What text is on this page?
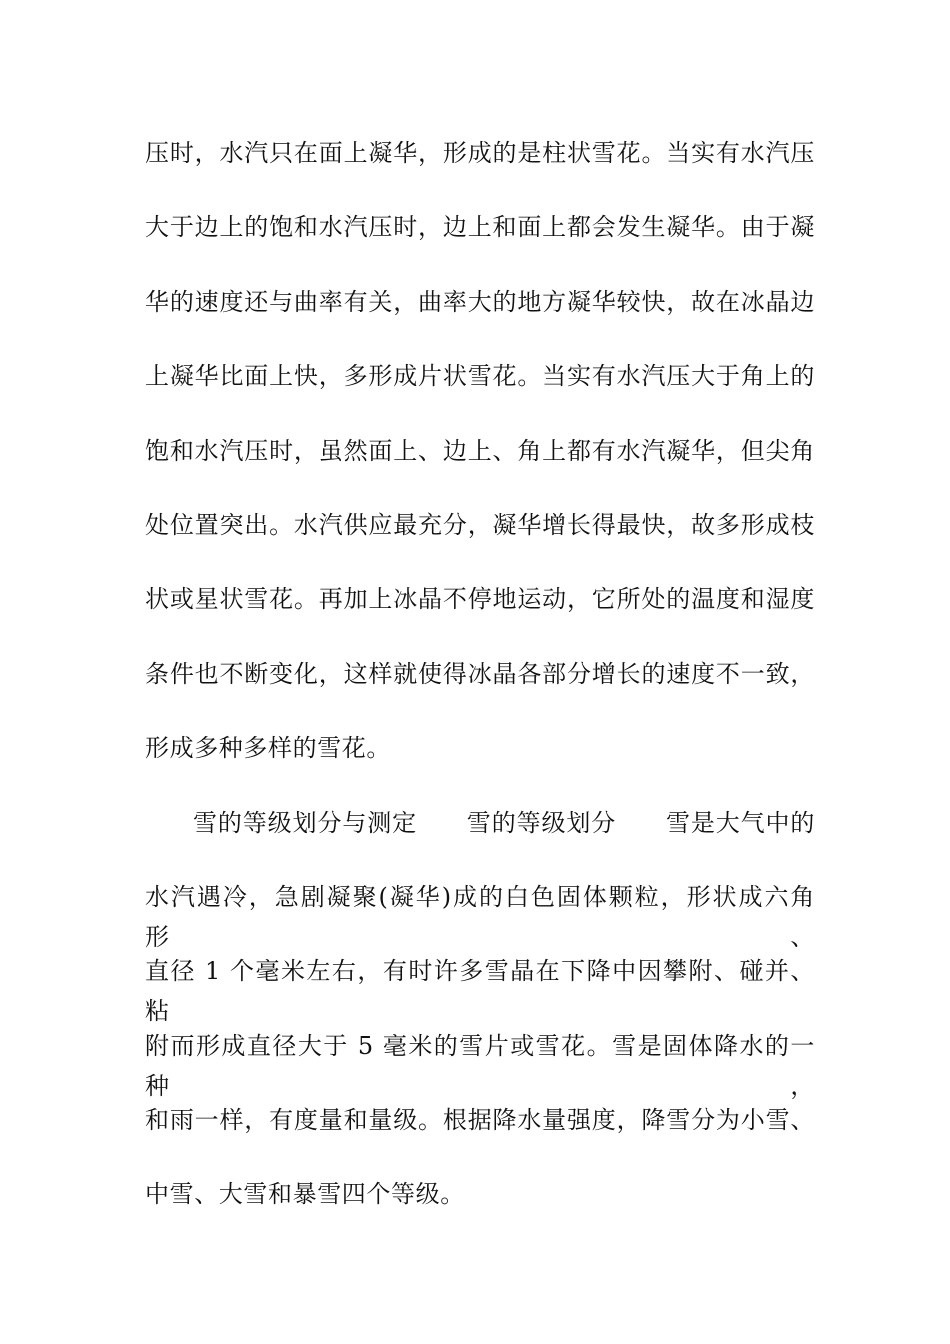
压时，水汽只在面上凝华，形成的是柱状雪花。当实有水汽压
大于边上的饱和水汽压时，边上和面上都会发生凝华。由于凝
华的速度还与曲率有关，曲率大的地方凝华较快，故在冰晶边
上凝华比面上快，多形成片状雪花。当实有水汽压大于角上的
饱和水汽压时，虽然面上、边上、角上都有水汽凝华，但尖角
处位置突出。水汽供应最充分，凝华增长得最快，故多形成枝
状或星状雪花。再加上冰晶不停地运动，它所处的温度和湿度
条件也不断变化，这样就使得冰晶各部分增长的速度不一致，
形成多种多样的雪花。
雪的等级划分与测定　　雪的等级划分　　雪是大气中的
水汽遇冷，急剧凝聚(凝华)成的白色固体颗粒，形状成六角形、
直径 1 个毫米左右，有时许多雪晶在下降中因攀附、碰并、粘
附而形成直径大于 5 毫米的雪片或雪花。雪是固体降水的一种，
和雨一样，有度量和量级。根据降水量强度，降雪分为小雪、
中雪、大雪和暴雪四个等级。
